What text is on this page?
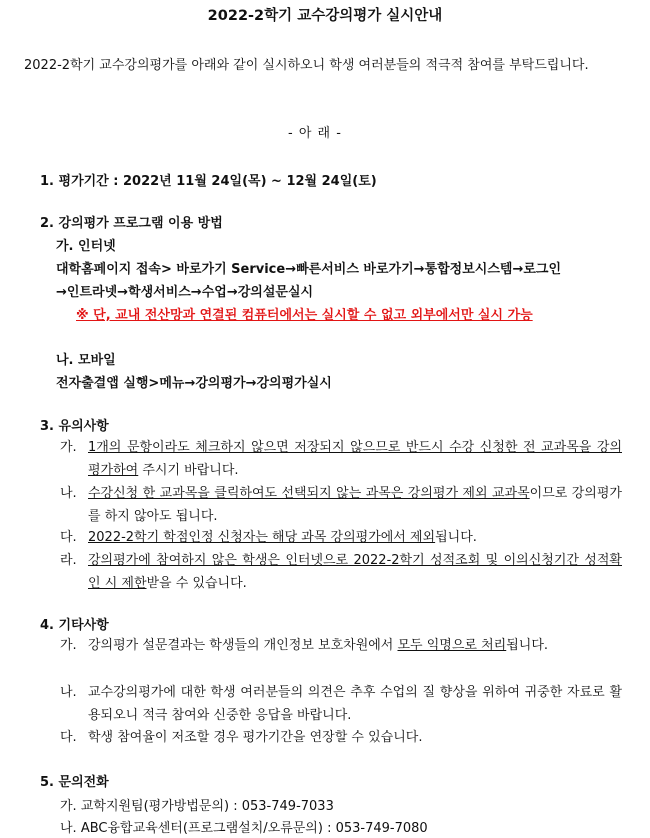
2022-2학기 교수강의평가 실시안내
2022-2학기 교수강의평가를 아래와 같이 실시하오니 학생 여러분들의 적극적 참여를 부탁드립니다.
- 아 래 -
1. 평가기간 : 2022년 11월 24일(목) ~ 12월 24일(토)
2. 강의평가 프로그램 이용 방법
가. 인터넷
대학홈페이지 접속> 바로가기 Service→빠른서비스 바로가기→통합정보시스템→로그인
→인트라넷→학생서비스→수업→강의설문실시
※ 단, 교내 전산망과 연결된 컴퓨터에서는 실시할 수 없고 외부에서만 실시 가능
나. 모바일
전자출결앱 실행>메뉴→강의평가→강의평가실시
3. 유의사항
가. 1개의 문항이라도 체크하지 않으면 저장되지 않으므로 반드시 수강 신청한 전 교과목을 강의 평가하여 주시기 바랍니다.
나. 수강신청 한 교과목을 클릭하여도 선택되지 않는 과목은 강의평가 제외 교과목이므로 강의평가를 하지 않아도 됩니다.
다. 2022-2학기 학점인정 신청자는 해당 과목 강의평가에서 제외됩니다.
라. 강의평가에 참여하지 않은 학생은 인터넷으로 2022-2학기 성적조회 및 이의신청기간 성적확인 시 제한받을 수 있습니다.
4. 기타사항
가. 강의평가 설문결과는 학생들의 개인정보 보호차원에서 모두 익명으로 처리됩니다.
나. 교수강의평가에 대한 학생 여러분들의 의견은 추후 수업의 질 향상을 위하여 귀중한 자료로 활용되오니 적극 참여와 신중한 응답을 바랍니다.
다. 학생 참여율이 저조할 경우 평가기간을 연장할 수 있습니다.
5. 문의전화
가. 교학지원팀(평가방법문의) : 053-749-7033
나. ABC융합교육센터(프로그램설치/오류문의) : 053-749-7080
